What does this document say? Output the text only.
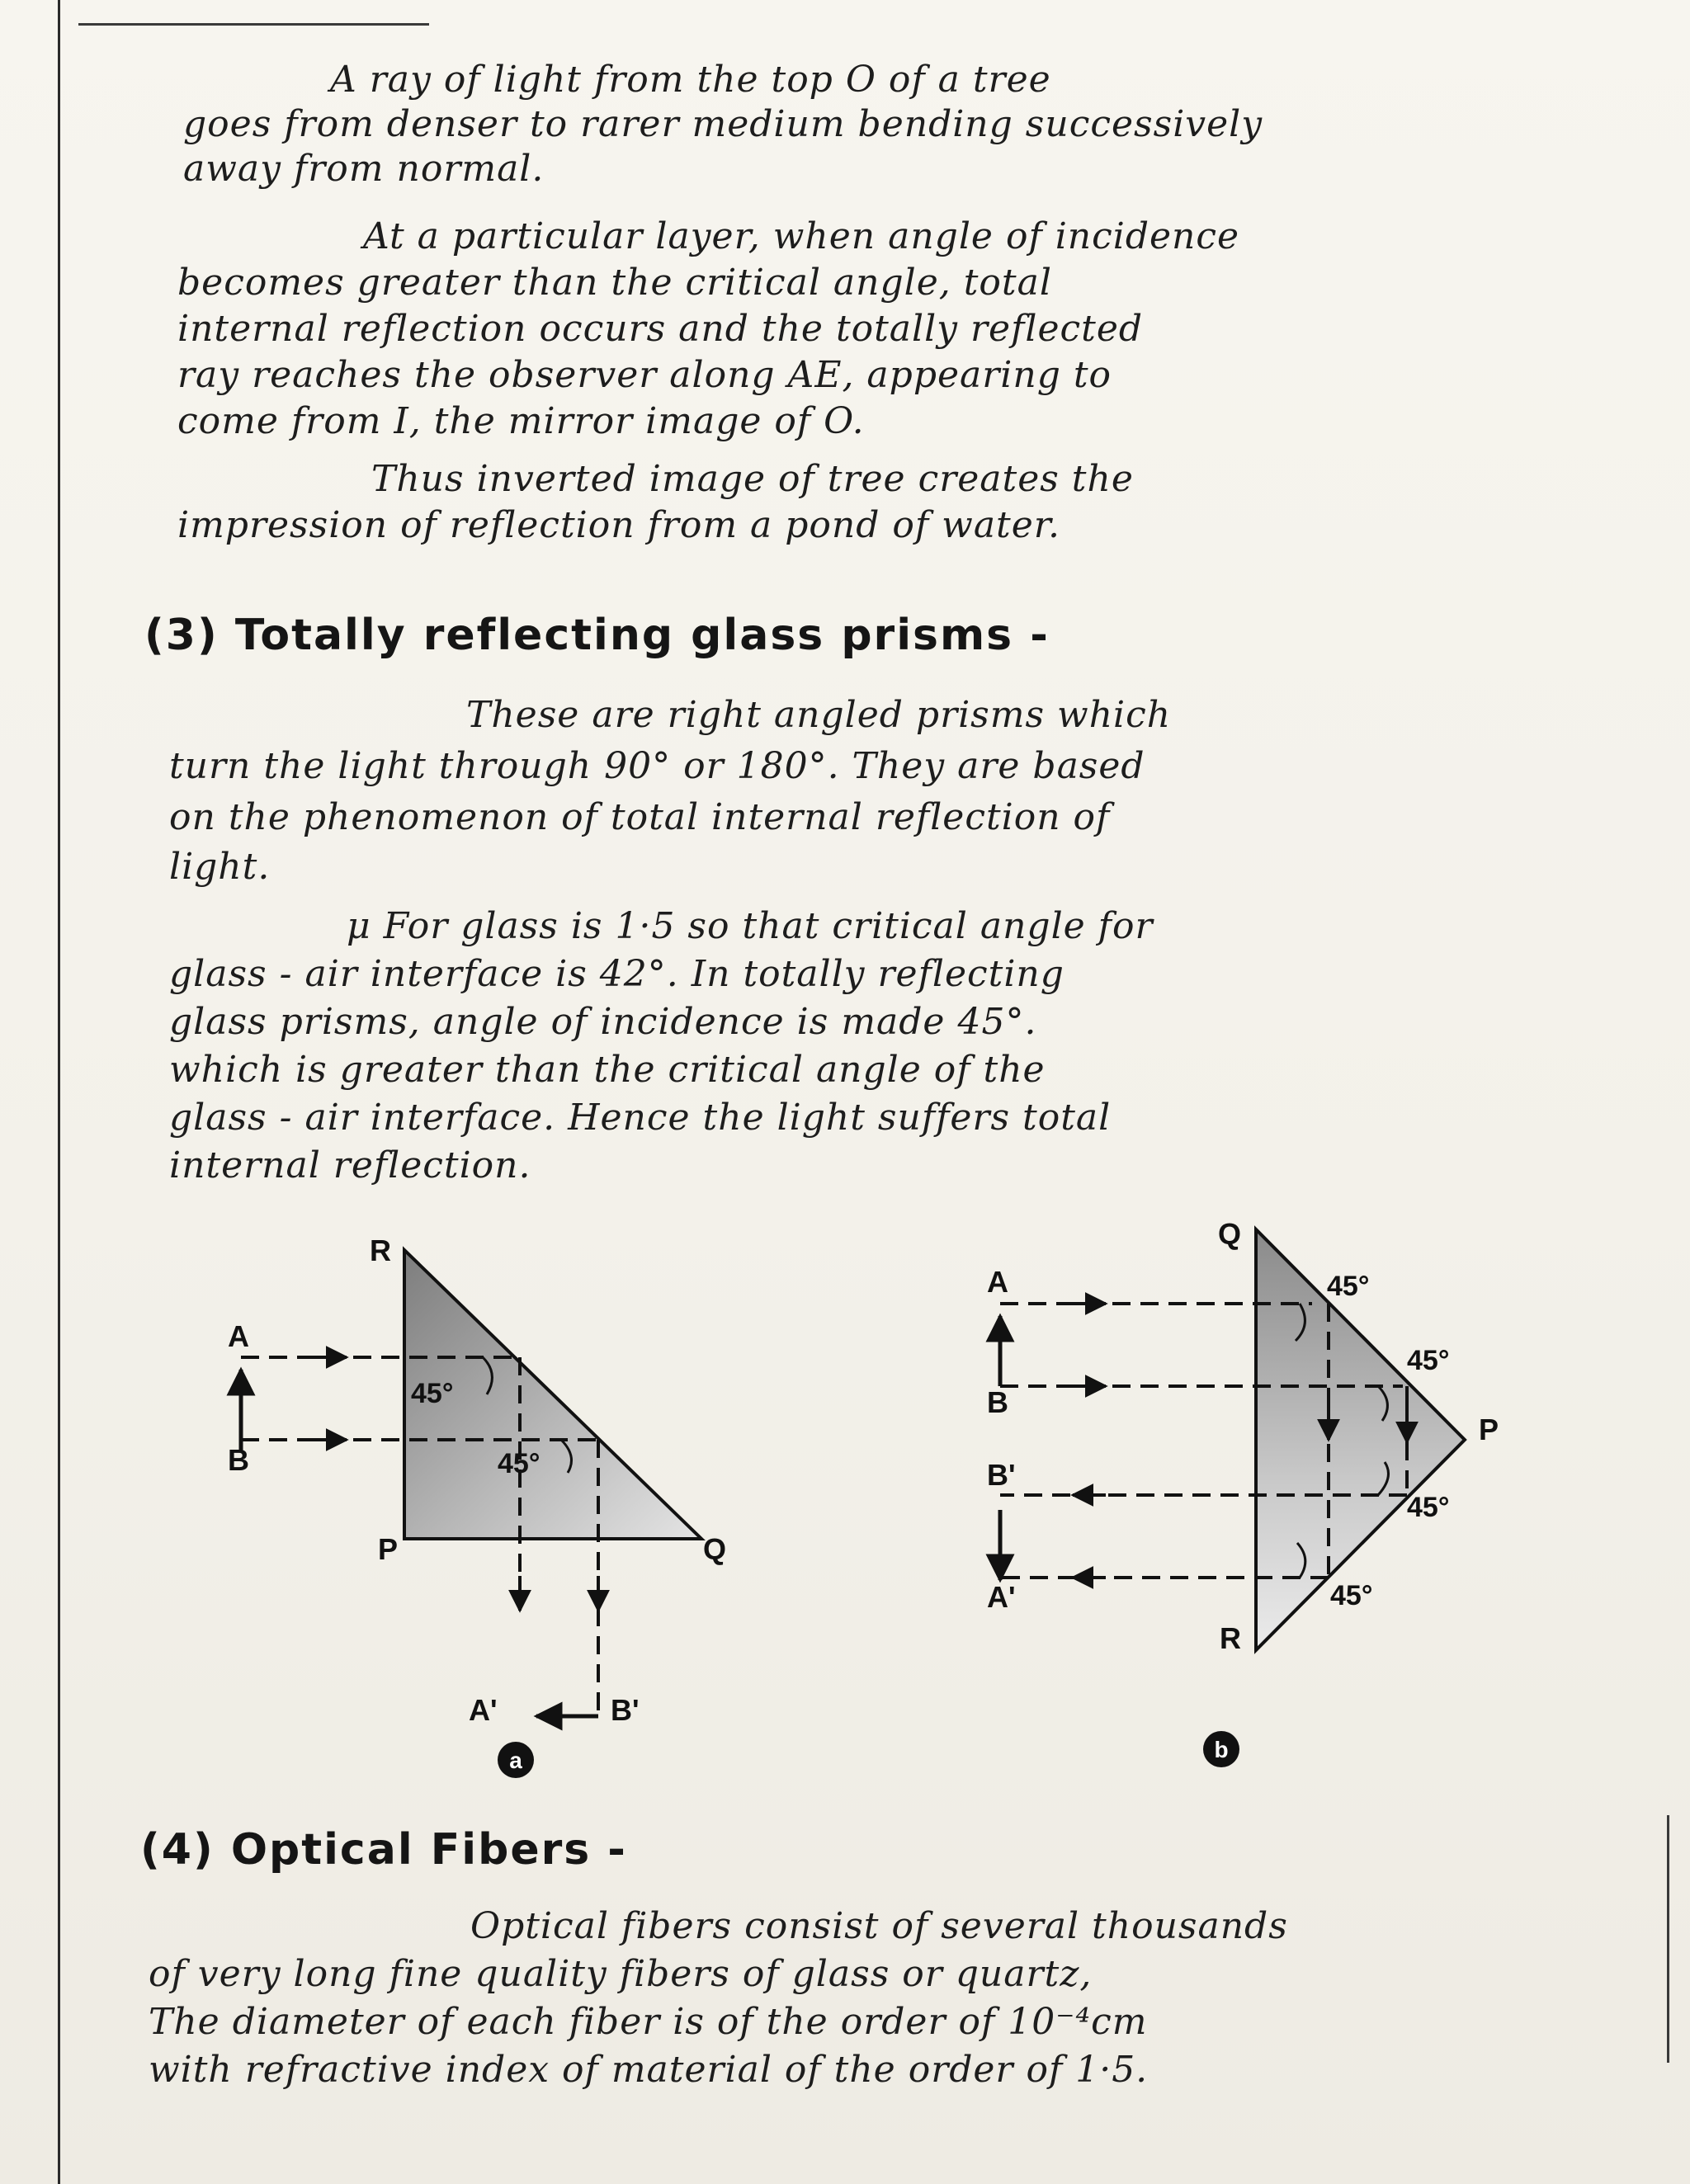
A ray of light from the top O of a tree
goes from denser to rarer medium bending successively
away from normal.
At a particular layer, when angle of incidence
becomes greater than the critical angle, total
internal reflection occurs and the totally reflected
ray reaches the observer along AE, appearing to
come from I, the mirror image of O.
Thus inverted image of tree creates the
impression of reflection from a pond of water.
(3) Totally reflecting glass prisms -
These are right angled prisms which
turn the light through 90° or 180°. They are based
on the phenomenon of total internal reflection of
light.
μ For glass is 1·5 so that critical angle for
glass - air interface is 42°. In totally reflecting
glass prisms, angle of incidence is made 45°.
which is greater than the critical angle of the
glass - air interface. Hence the light suffers total
internal reflection.
R
P	Q
A
B
A'	B'
45°
45°
a
Q
P
R
A
B
B'
A'
45°
45°
45°
45°
b
(4) Optical Fibers -
Optical fibers consist of several thousands
of very long fine quality fibers of glass or quartz,
The diameter of each fiber is of the order of 10⁻⁴cm
with refractive index of material of the order of 1·5.
